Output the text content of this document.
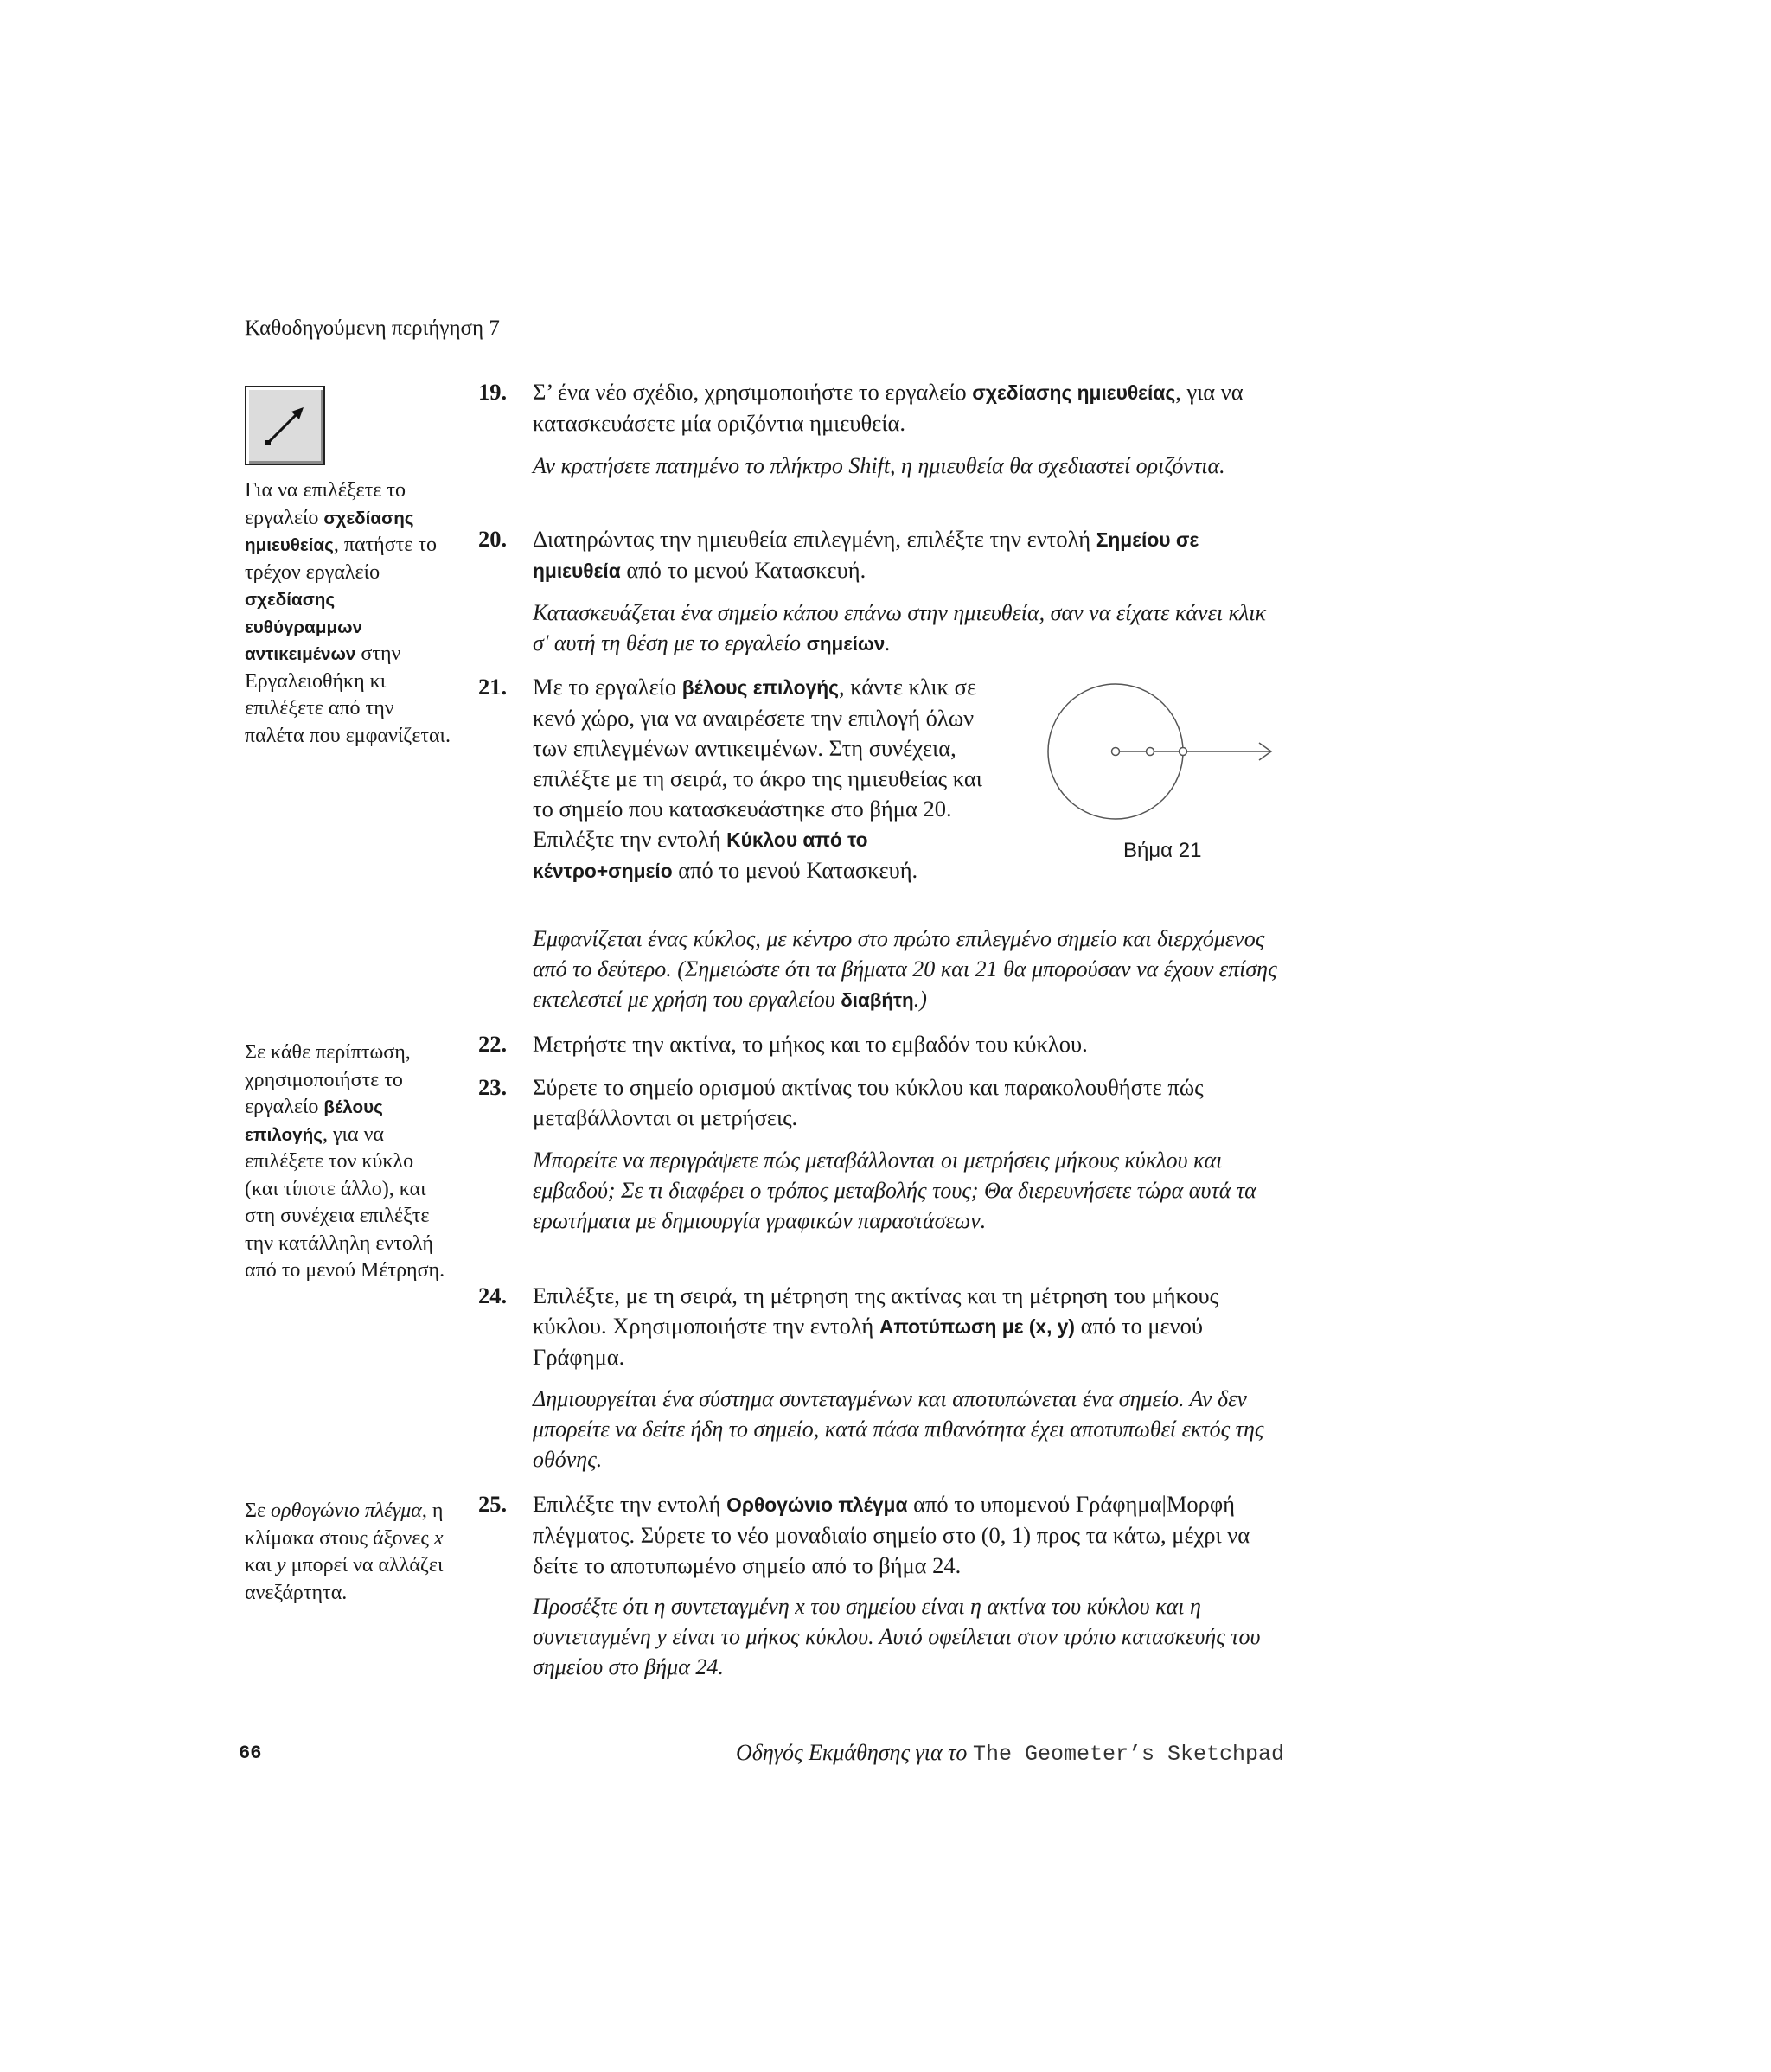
Καθοδηγούμενη περιήγηση 7
Για να επιλέξετε το εργαλείο σχεδίασης ημιευθείας, πατήστε το τρέχον εργαλείο σχεδίασης ευθύγραμμων αντικειμένων στην Εργαλειοθήκη κι επιλέξετε από την παλέτα που εμφανίζεται.
Σε κάθε περίπτωση, χρησιμοποιήστε το εργαλείο βέλους επιλογής, για να επιλέξετε τον κύκλο (και τίποτε άλλο), και στη συνέχεια επιλέξτε την κατάλληλη εντολή από το μενού Μέτρηση.
Σε ορθογώνιο πλέγμα, η κλίμακα στους άξονες x και y μπορεί να αλλάζει ανεξάρτητα.
19. Σ’ ένα νέο σχέδιο, χρησιμοποιήστε το εργαλείο σχεδίασης ημιευθείας, για να κατασκευάσετε μία οριζόντια ημιευθεία.
Αν κρατήσετε πατημένο το πλήκτρο Shift, η ημιευθεία θα σχεδιαστεί οριζόντια.
20. Διατηρώντας την ημιευθεία επιλεγμένη, επιλέξτε την εντολή Σημείου σε ημιευθεία από το μενού Κατασκευή.
Κατασκευάζεται ένα σημείο κάπου επάνω στην ημιευθεία, σαν να είχατε κάνει κλικ σ' αυτή τη θέση με το εργαλείο σημείων.
21. Με το εργαλείο βέλους επιλογής, κάντε κλικ σε κενό χώρο, για να αναιρέσετε την επιλογή όλων των επιλεγμένων αντικειμένων. Στη συνέχεια, επιλέξτε με τη σειρά, το άκρο της ημιευθείας και το σημείο που κατασκευάστηκε στο βήμα 20. Επιλέξτε την εντολή Κύκλου από το κέντρο+σημείο από το μενού Κατασκευή.
Βήμα 21
Εμφανίζεται ένας κύκλος, με κέντρο στο πρώτο επιλεγμένο σημείο και διερχόμενος από το δεύτερο. (Σημειώστε ότι τα βήματα 20 και 21 θα μπορούσαν να έχουν επίσης εκτελεστεί με χρήση του εργαλείου διαβήτη.)
22. Μετρήστε την ακτίνα, το μήκος και το εμβαδόν του κύκλου.
23. Σύρετε το σημείο ορισμού ακτίνας του κύκλου και παρακολουθήστε πώς μεταβάλλονται οι μετρήσεις.
Μπορείτε να περιγράψετε πώς μεταβάλλονται οι μετρήσεις μήκους κύκλου και εμβαδού; Σε τι διαφέρει ο τρόπος μεταβολής τους; Θα διερευνήσετε τώρα αυτά τα ερωτήματα με δημιουργία γραφικών παραστάσεων.
24. Επιλέξτε, με τη σειρά, τη μέτρηση της ακτίνας και τη μέτρηση του μήκους κύκλου. Χρησιμοποιήστε την εντολή Αποτύπωση με (x, y) από το μενού Γράφημα.
Δημιουργείται ένα σύστημα συντεταγμένων και αποτυπώνεται ένα σημείο. Αν δεν μπορείτε να δείτε ήδη το σημείο, κατά πάσα πιθανότητα έχει αποτυπωθεί εκτός της οθόνης.
25. Επιλέξτε την εντολή Ορθογώνιο πλέγμα από το υπομενού Γράφημα|Μορφή πλέγματος. Σύρετε το νέο μοναδιαίο σημείο στο (0, 1) προς τα κάτω, μέχρι να δείτε το αποτυπωμένο σημείο από το βήμα 24.
Προσέξτε ότι η συντεταγμένη x του σημείου είναι η ακτίνα του κύκλου και η συντεταγμένη y είναι το μήκος κύκλου. Αυτό οφείλεται στον τρόπο κατασκευής του σημείου στο βήμα 24.
66	Οδηγός Εκμάθησης για το The Geometer’s Sketchpad
